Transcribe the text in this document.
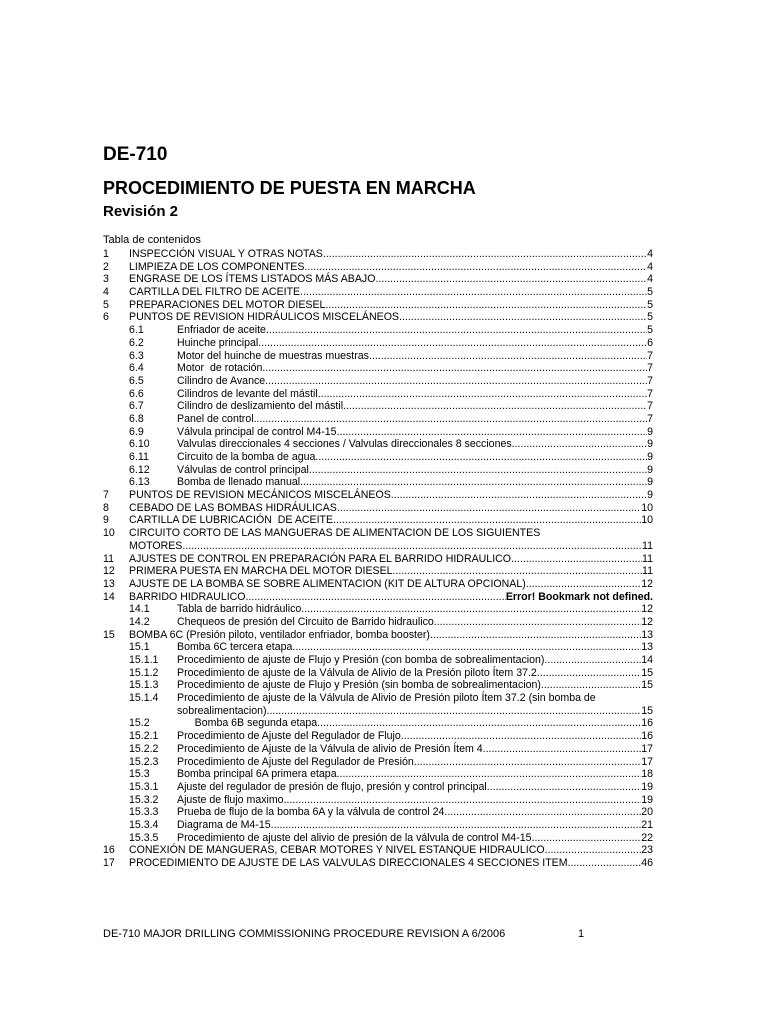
DE-710
PROCEDIMIENTO DE PUESTA EN MARCHA
Revisión 2
Tabla de contenidos
1 INSPECCIÓN VISUAL Y OTRAS NOTAS .....	4
2 LIMPIEZA DE LOS COMPONENTES .....	4
3 ENGRASE DE LOS ÍTEMS LISTADOS MÁS ABAJO .....	4
4 CARTILLA DEL FILTRO DE ACEITE .....	5
5 PREPARACIONES DEL MOTOR DIESEL .....	5
6 PUNTOS DE REVISION HIDRÁULICOS MISCELÁNEOS .....	5
6.1	Enfriador de aceite .....	5
6.2	Huinche principal .....	6
6.3	Motor del huinche de muestras muestras .....	7
6.4	Motor  de rotación .....	7
6.5	Cilindro de Avance .....	7
6.6	Cilindros de levante del mástil .....	7
6.7	Cilindro de deslizamiento del mástil .....	7
6.8	Panel de control .....	7
6.9	Válvula principal de control M4-15 .....	9
6.10	Valvulas direccionales 4 secciones / Valvulas direccionales 8 secciones .....	9
6.11	Circuito de la bomba de agua .....	9
6.12	Válvulas de control principal .....	9
6.13	Bomba de llenado manual .....	9
7 PUNTOS DE REVISION MECÁNICOS MISCELÁNEOS .....	9
8 CEBADO DE LAS BOMBAS HIDRÁULICAS .....	10
9 CARTILLA DE LUBRICACIÓN  DE ACEITE .....	10
10 CIRCUITO CORTO DE LAS MANGUERAS DE ALIMENTACION DE LOS SIGUIENTES
MOTORES .....	11
11 AJUSTES DE CONTROL EN PREPARACIÓN PARA EL BARRIDO HIDRAULICO .....	11
12 PRIMERA PUESTA EN MARCHA DEL MOTOR DIESEL .....	11
13 AJUSTE DE LA BOMBA SE SOBRE ALIMENTACION (KIT DE ALTURA OPCIONAL) .....	12
14 BARRIDO HIDRAULICO .....	Error! Bookmark not defined.
14.1	Tabla de barrido hidráulico. .....	12
14.2	Chequeos de presión del Circuito de Barrido hidraulico .....	12
15 BOMBA 6C (Presión piloto, ventilador enfriador, bomba booster) .....	13
15.1	Bomba 6C tercera etapa .....	13
15.1.1 Procedimiento de ajuste de Flujo y Presión (con bomba de sobrealimentacion) .....	14
15.1.2 Procedimiento de ajuste de la Válvula de Alivio de la Presión piloto Ítem 37.2 .....	15
15.1.3 Procedimiento de ajuste de Flujo y Presión (sin bomba de sobrealimentacion) .....	15
15.1.4 Procedimiento de ajuste de la Válvula de Alivio de Presión piloto Ítem 37.2 (sin bomba de
sobrealimentacion) .....	15
15.2	Bomba 6B segunda etapa .....	16
15.2.1 Procedimiento de Ajuste del Regulador de Flujo .....	16
15.2.2 Procedimiento de Ajuste de la Válvula de alivio de Presión Ítem 4 .....	17
15.2.3 Procedimiento de Ajuste del Regulador de Presión .....	17
15.3	Bomba principal 6A primera etapa .....	18
15.3.1 Ajuste del regulador de presión de flujo, presión y control principal .....	19
15.3.2 Ajuste de flujo maximo .....	19
15.3.3 Prueba de flujo de la bomba 6A y la válvula de control 24 .....	20
15.3.4 Diagrama de M4-15 .....	21
15.3.5 Procedimiento de ajuste del alivio de presión de la válvula de control M4-15 .....	22
16 CONEXIÓN DE MANGUERAS, CEBAR MOTORES Y NIVEL ESTANQUE HIDRAULICO .....	23
17 PROCEDIMIENTO DE AJUSTE DE LAS VALVULAS DIRECCIONALES 4 SECCIONES ITEM .....	46
DE-710 MAJOR DRILLING COMMISSIONING PROCEDURE REVISION A 6/2006	1
